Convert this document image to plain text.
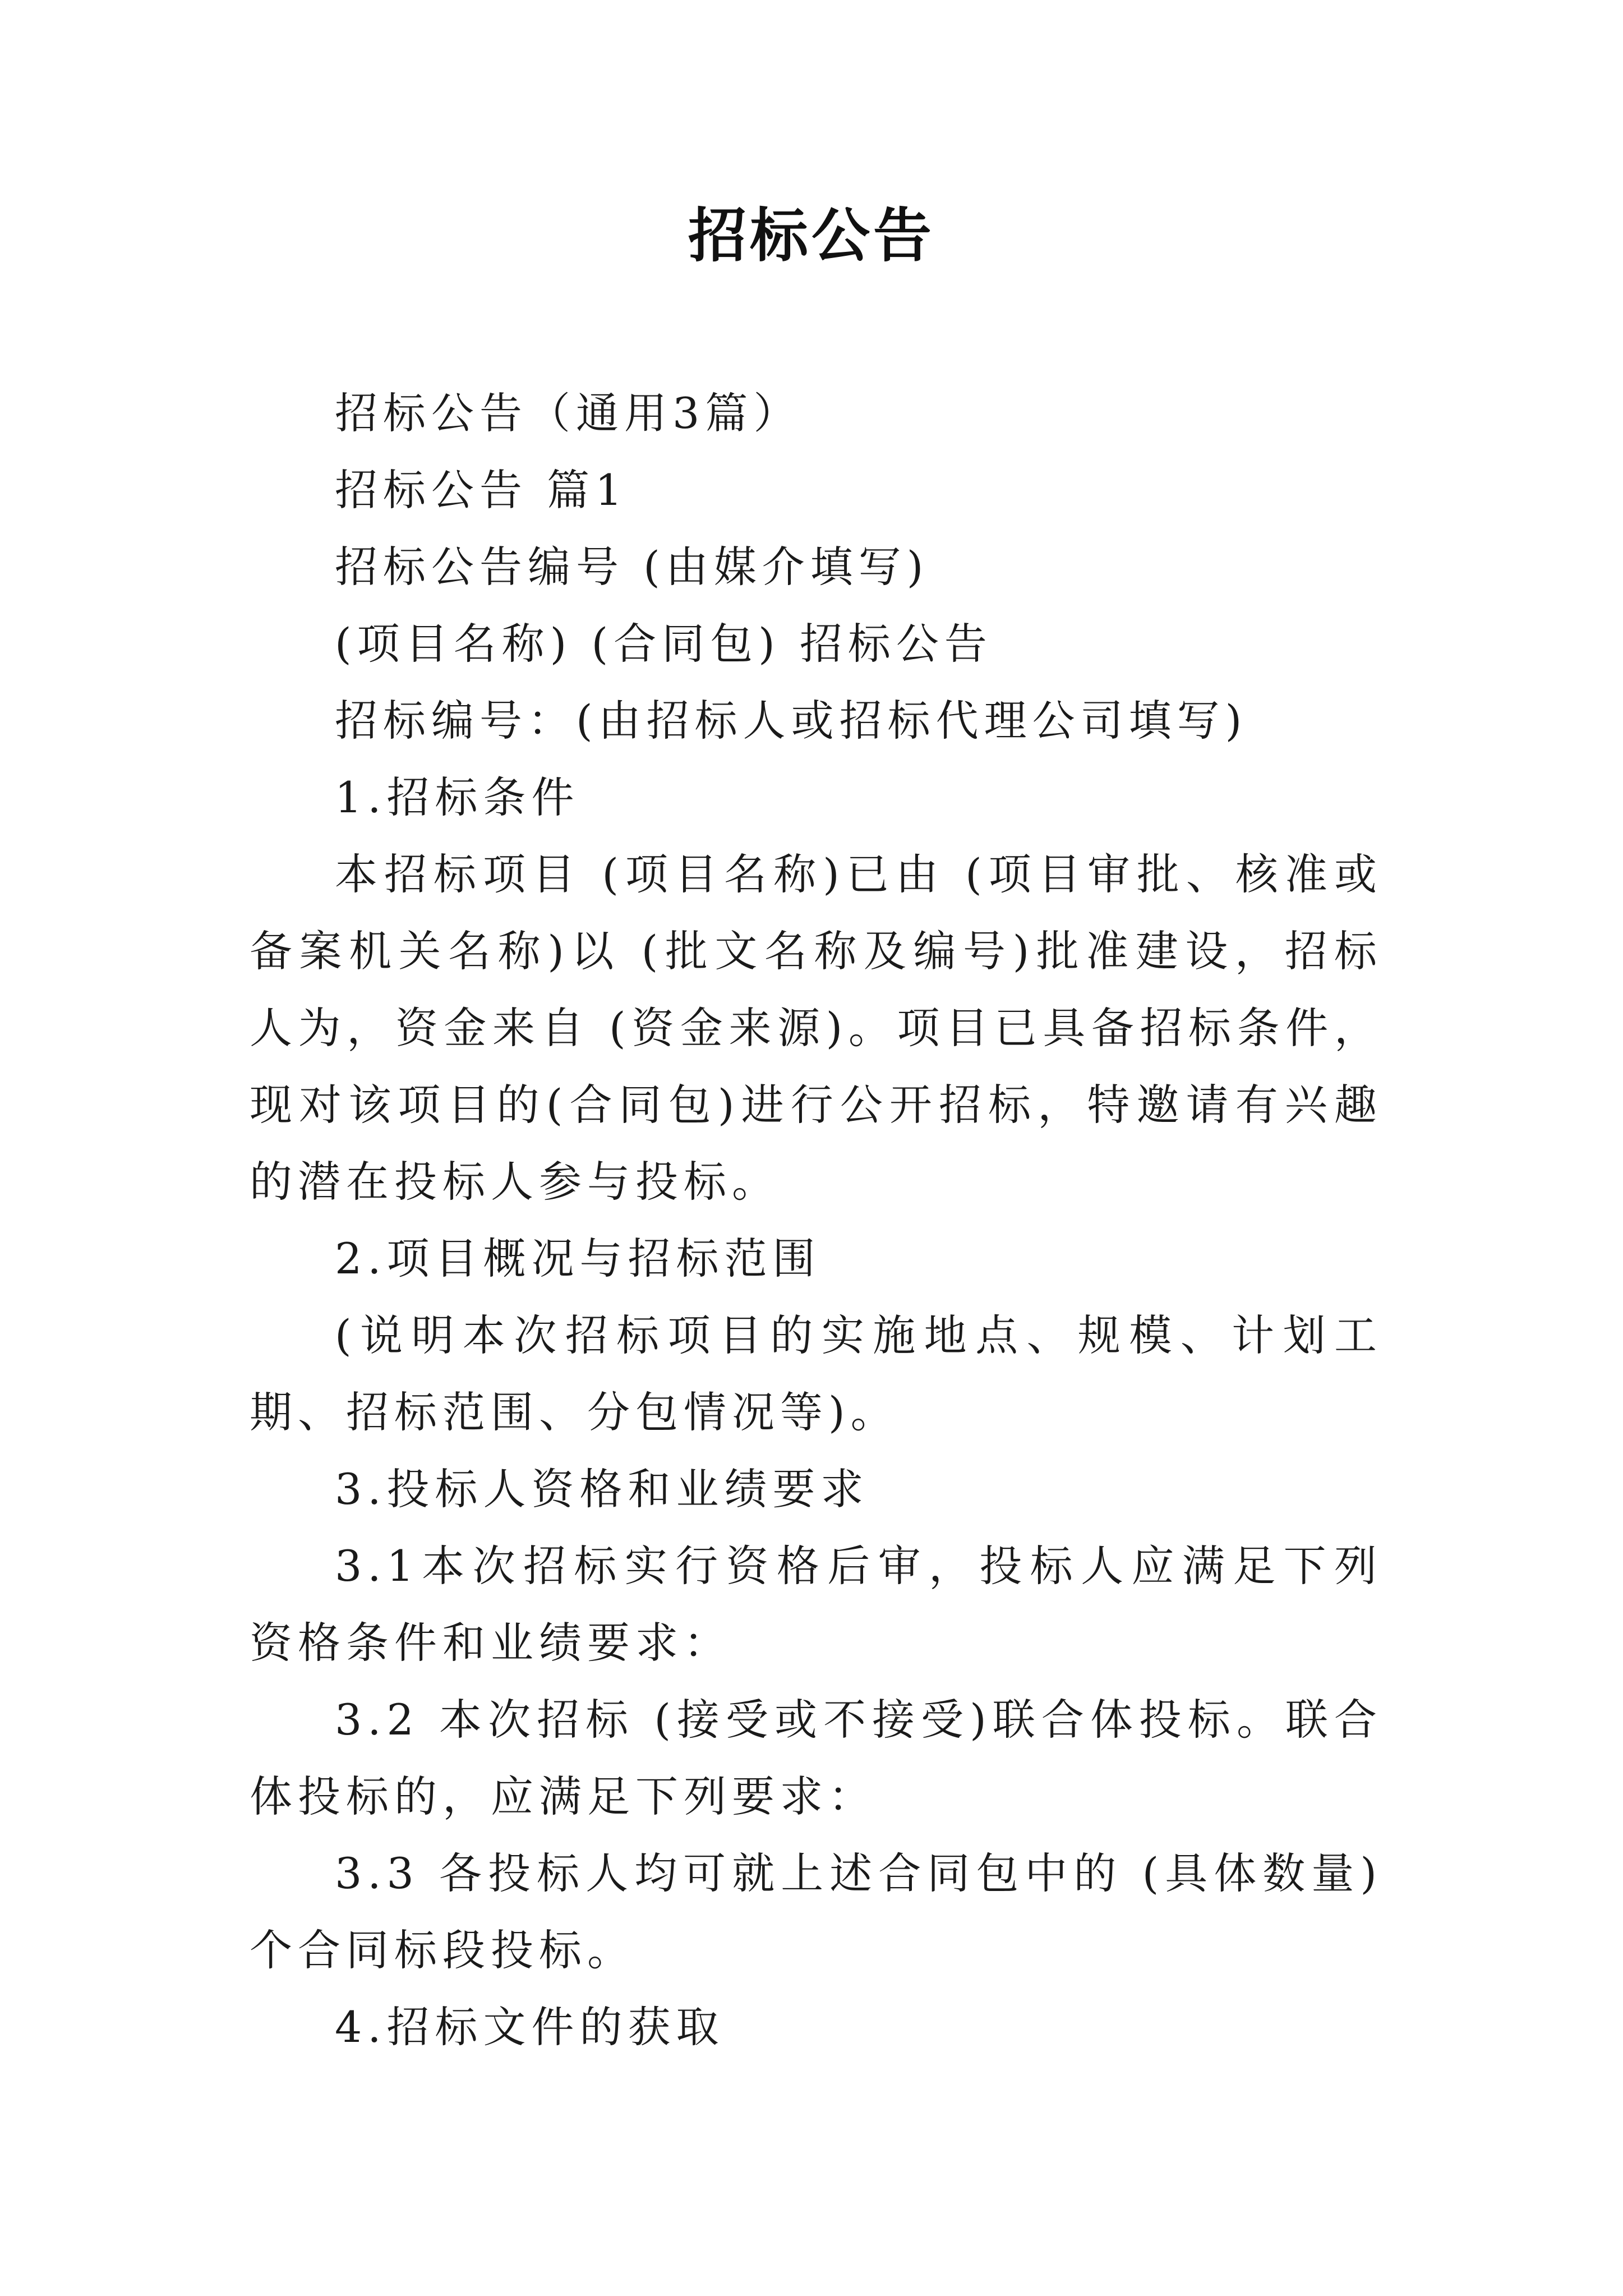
招标公告

招标公告（通用3篇）

招标公告 篇1

招标公告编号 (由媒介填写)

(项目名称) (合同包) 招标公告

招标编号：(由招标人或招标代理公司填写)

1.招标条件

本招标项目 (项目名称)已由 (项目审批、核准或备案机关名称)以 (批文名称及编号)批准建设，招标人为，资金来自 (资金来源)。项目已具备招标条件，现对该项目的(合同包)进行公开招标，特邀请有兴趣的潜在投标人参与投标。

2.项目概况与招标范围

(说明本次招标项目的实施地点、规模、计划工期、招标范围、分包情况等)。

3.投标人资格和业绩要求

3.1本次招标实行资格后审，投标人应满足下列资格条件和业绩要求：

3.2 本次招标 (接受或不接受)联合体投标。联合体投标的，应满足下列要求：

3.3 各投标人均可就上述合同包中的 (具体数量)个合同标段投标。

4.招标文件的获取
